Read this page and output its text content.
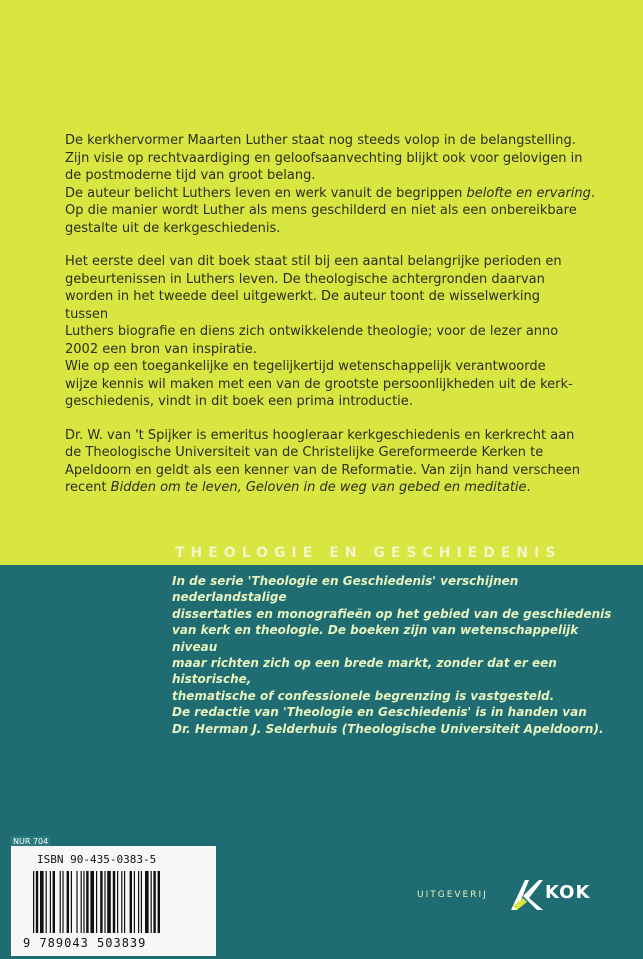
De kerkhervormer Maarten Luther staat nog steeds volop in de belangstelling.
Zijn visie op rechtvaardiging en geloofsaanvechting blijkt ook voor gelovigen in
de postmoderne tijd van groot belang.
De auteur belicht Luthers leven en werk vanuit de begrippen belofte en ervaring.
Op die manier wordt Luther als mens geschilderd en niet als een onbereikbare
gestalte uit de kerkgeschiedenis.

Het eerste deel van dit boek staat stil bij een aantal belangrijke perioden en
gebeurtenissen in Luthers leven. De theologische achtergronden daarvan
worden in het tweede deel uitgewerkt. De auteur toont de wisselwerking tussen
Luthers biografie en diens zich ontwikkelende theologie; voor de lezer anno
2002 een bron van inspiratie.
Wie op een toegankelijke en tegelijkertijd wetenschappelijk verantwoorde
wijze kennis wil maken met een van de grootste persoonlijkheden uit de kerk-
geschiedenis, vindt in dit boek een prima introductie.

Dr. W. van 't Spijker is emeritus hoogleraar kerkgeschiedenis en kerkrecht aan
de Theologische Universiteit van de Christelijke Gereformeerde Kerken te
Apeldoorn en geldt als een kenner van de Reformatie. Van zijn hand verscheen
recent Bidden om te leven, Geloven in de weg van gebed en meditatie.

THEOLOGIE EN GESCHIEDENIS
In de serie 'Theologie en Geschiedenis' verschijnen nederlandstalige
dissertaties en monografieën op het gebied van de geschiedenis
van kerk en theologie. De boeken zijn van wetenschappelijk niveau
maar richten zich op een brede markt, zonder dat er een historische,
thematische of confessionele begrenzing is vastgesteld.
De redactie van 'Theologie en Geschiedenis' is in handen van
Dr. Herman J. Selderhuis (Theologische Universiteit Apeldoorn).
NUR 704
ISBN 90-435-0383-5
9 789043 503839
UITGEVERIJ	KOK
